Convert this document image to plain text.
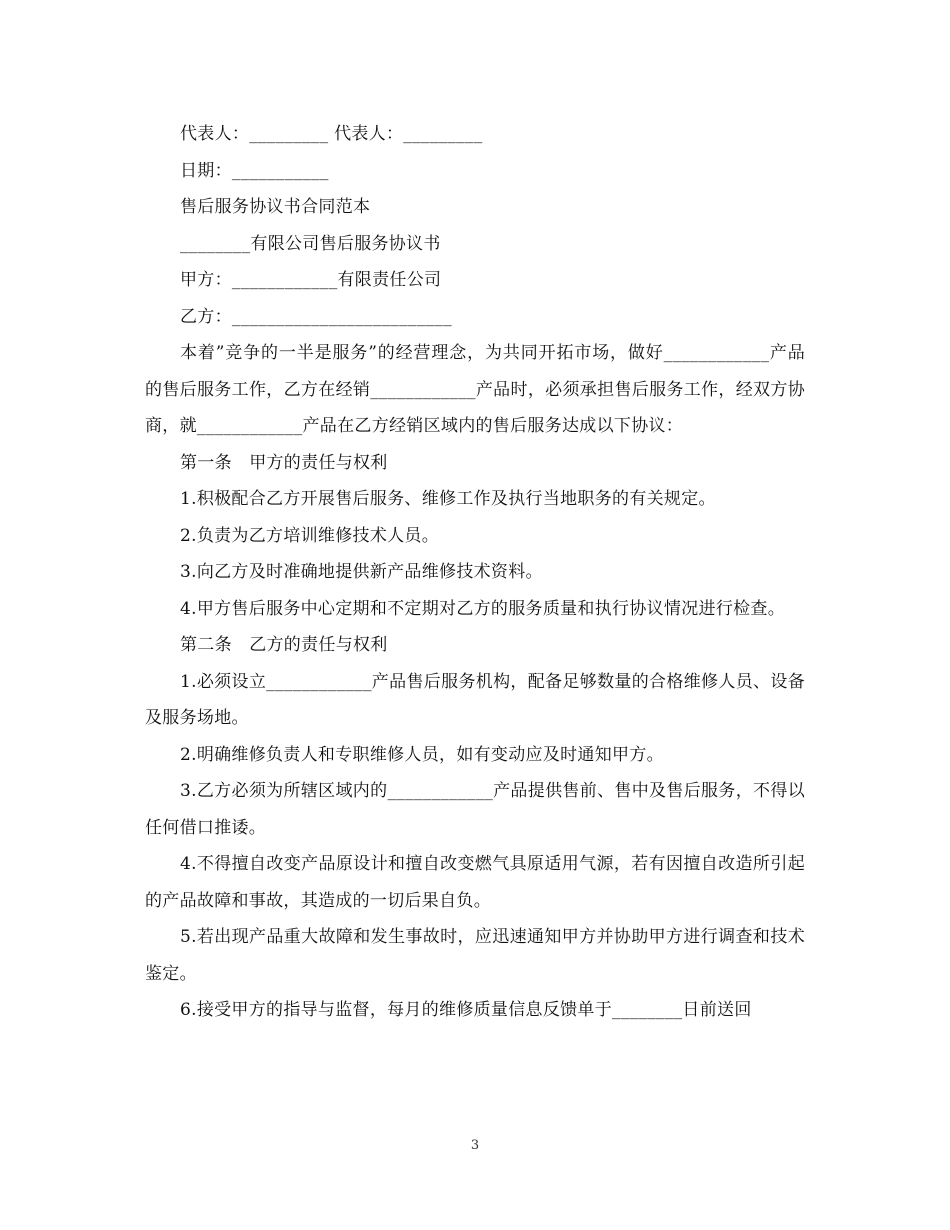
代表人：_________ 代表人：_________

日期：___________

售后服务协议书合同范本

________有限公司售后服务协议书

甲方：____________有限责任公司

乙方：_________________________

本着”竞争的一半是服务”的经营理念，为共同开拓市场，做好____________产品的售后服务工作，乙方在经销____________产品时，必须承担售后服务工作，经双方协商，就____________产品在乙方经销区域内的售后服务达成以下协议：

第一条　甲方的责任与权利

1.积极配合乙方开展售后服务、维修工作及执行当地职务的有关规定。

2.负责为乙方培训维修技术人员。

3.向乙方及时准确地提供新产品维修技术资料。

4.甲方售后服务中心定期和不定期对乙方的服务质量和执行协议情况进行检查。

第二条　乙方的责任与权利

1.必须设立____________产品售后服务机构，配备足够数量的合格维修人员、设备及服务场地。

2.明确维修负责人和专职维修人员，如有变动应及时通知甲方。

3.乙方必须为所辖区域内的____________产品提供售前、售中及售后服务，不得以任何借口推诿。

4.不得擅自改变产品原设计和擅自改变燃气具原适用气源，若有因擅自改造所引起的产品故障和事故，其造成的一切后果自负。

5.若出现产品重大故障和发生事故时，应迅速通知甲方并协助甲方进行调查和技术鉴定。

6.接受甲方的指导与监督，每月的维修质量信息反馈单于________日前送回

3
